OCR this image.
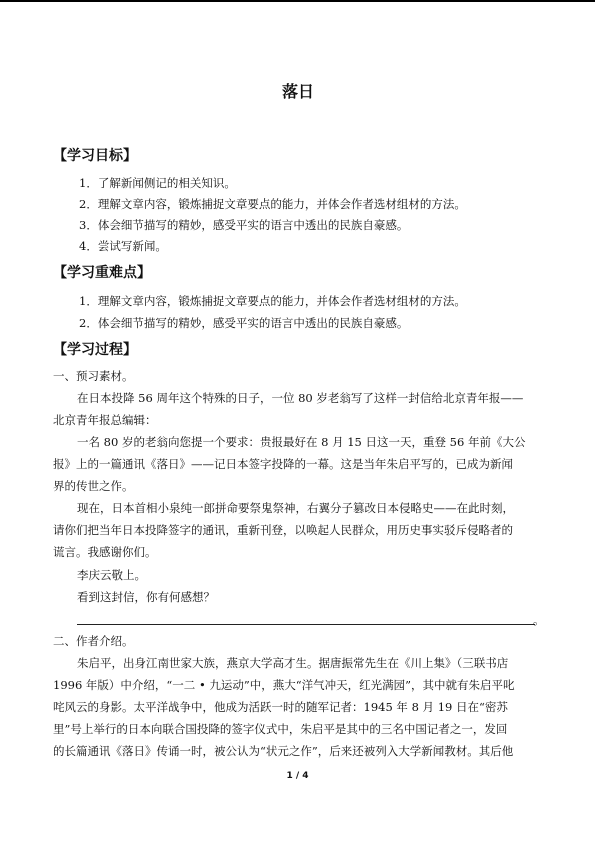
落日
【学习目标】
1．了解新闻侧记的相关知识。
2．理解文章内容，锻炼捕捉文章要点的能力，并体会作者选材组材的方法。
3．体会细节描写的精妙，感受平实的语言中透出的民族自豪感。
4．尝试写新闻。
【学习重难点】
1．理解文章内容，锻炼捕捉文章要点的能力，并体会作者选材组材的方法。
2．体会细节描写的精妙，感受平实的语言中透出的民族自豪感。
【学习过程】
一、预习素材。
在日本投降 56 周年这个特殊的日子，一位 80 岁老翁写了这样一封信给北京青年报——
北京青年报总编辑：
一名 80 岁的老翁向您提一个要求：贵报最好在 8 月 15 日这一天，重登 56 年前《大公
报》上的一篇通讯《落日》——记日本签字投降的一幕。这是当年朱启平写的，已成为新闻
界的传世之作。
现在，日本首相小泉纯一郎拼命要祭鬼祭神，右翼分子篡改日本侵略史——在此时刻，
请你们把当年日本投降签字的通讯，重新刊登，以唤起人民群众，用历史事实驳斥侵略者的
谎言。我感谢你们。
李庆云敬上。
看到这封信，你有何感想？
。
二、作者介绍。
朱启平，出身江南世家大族，燕京大学高才生。据唐振常先生在《川上集》（三联书店
1996 年版）中介绍，“一二 • 九运动”中，燕大“洋气冲天，红光满园”，其中就有朱启平叱
咤风云的身影。太平洋战争中，他成为活跃一时的随军记者：1945 年 8 月 19 日在“密苏
里”号上举行的日本向联合国投降的签字仪式中，朱启平是其中的三名中国记者之一，发回
的长篇通讯《落日》传诵一时，被公认为“状元之作”，后来还被列入大学新闻教材。其后他
1 / 4
